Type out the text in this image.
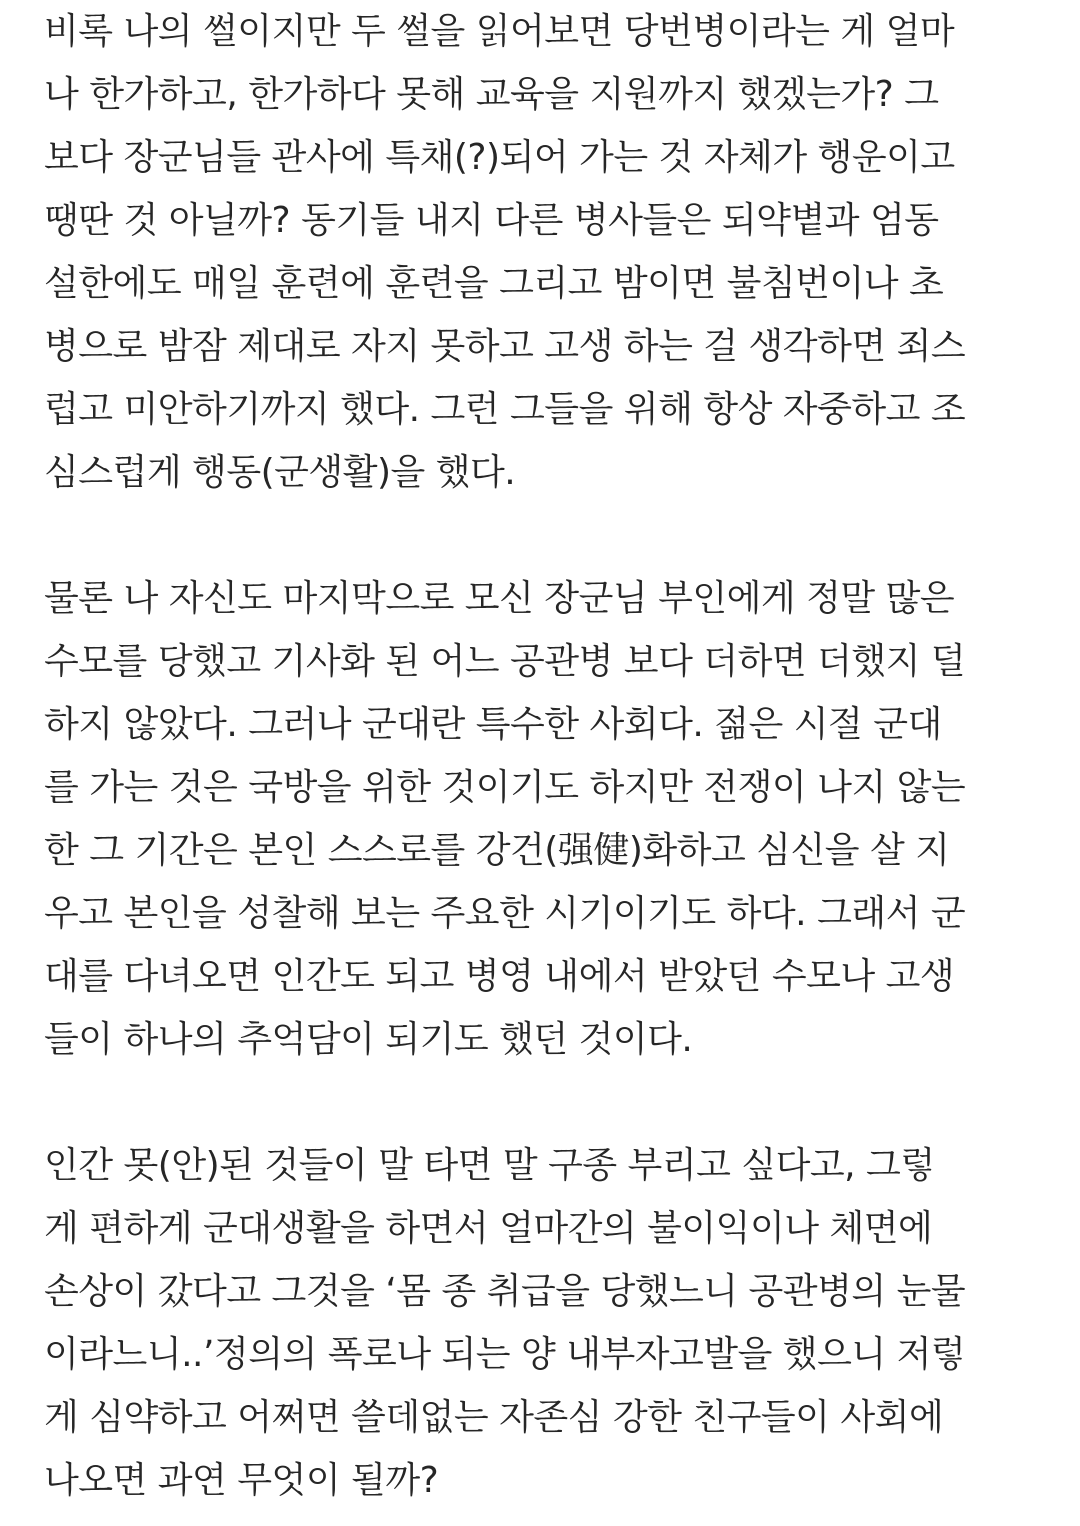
비록 나의 썰이지만 두 썰을 읽어보면 당번병이라는 게 얼마
나 한가하고, 한가하다 못해 교육을 지원까지 했겠는가? 그
보다 장군님들 관사에 특채(?)되어 가는 것 자체가 행운이고
땡딴 것 아닐까? 동기들 내지 다른 병사들은 되약볕과 엄동
설한에도 매일 훈련에 훈련을 그리고 밤이면 불침번이나 초
병으로 밤잠 제대로 자지 못하고 고생 하는 걸 생각하면 죄스
럽고 미안하기까지 했다. 그런 그들을 위해 항상 자중하고 조
심스럽게 행동(군생활)을 했다.
물론 나 자신도 마지막으로 모신 장군님 부인에게 정말 많은
수모를 당했고 기사화 된 어느 공관병 보다 더하면 더했지 덜
하지 않았다. 그러나 군대란 특수한 사회다. 젊은 시절 군대
를 가는 것은 국방을 위한 것이기도 하지만 전쟁이 나지 않는
한 그 기간은 본인 스스로를 강건(强健)화하고 심신을 살 지
우고 본인을 성찰해 보는 주요한 시기이기도 하다. 그래서 군
대를 다녀오면 인간도 되고 병영 내에서 받았던 수모나 고생
들이 하나의 추억담이 되기도 했던 것이다.
인간 못(안)된 것들이 말 타면 말 구종 부리고 싶다고, 그렇
게 편하게 군대생활을 하면서 얼마간의 불이익이나 체면에
손상이 갔다고 그것을 ‘몸 종 취급을 당했느니 공관병의 눈물
이라느니..’정의의 폭로나 되는 양 내부자고발을 했으니 저렇
게 심약하고 어쩌면 쓸데없는 자존심 강한 친구들이 사회에
나오면 과연 무엇이 될까?
